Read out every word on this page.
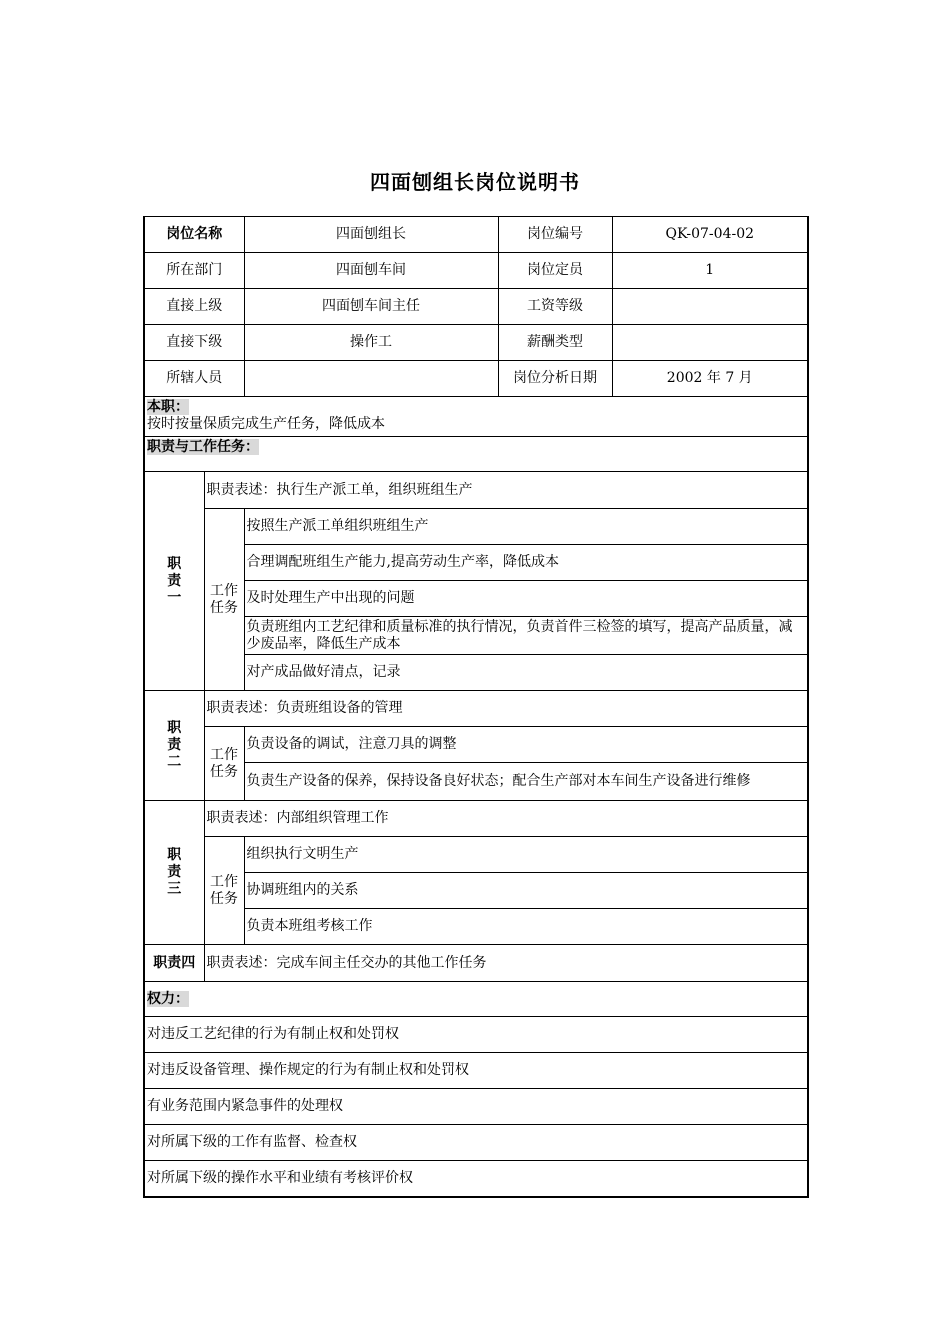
四面刨组长岗位说明书
岗位名称		四面刨组长	岗位编号	QK-07-04-02
所在部门		四面刨车间	岗位定员	1
直接上级		四面刨车间主任	工资等级	
直接下级		操作工	薪酬类型	
所辖人员			岗位分析日期	2002 年 7 月
本职：
按时按量保质完成生产任务，降低成本				
职责与工作任务：				
职责一	职责表述：执行生产派工单，组织班组生产			
	工作任务	按照生产派工单组织班组生产		
		合理调配班组生产能力,提高劳动生产率，降低成本		
		及时处理生产中出现的问题		
		负责班组内工艺纪律和质量标准的执行情况，负责首件三检签的填写，提高产品质量，减少废品率，降低生产成本		
		对产成品做好清点，记录		
职责二	职责表述：负责班组设备的管理			
	工作任务	负责设备的调试，注意刀具的调整		
		负责生产设备的保养，保持设备良好状态；配合生产部对本车间生产设备进行维修		
职责三	职责表述：内部组织管理工作			
	工作任务	组织执行文明生产		
		协调班组内的关系		
		负责本班组考核工作		
职责四	职责表述：完成车间主任交办的其他工作任务			
权力：				
对违反工艺纪律的行为有制止权和处罚权				
对违反设备管理、操作规定的行为有制止权和处罚权				
有业务范围内紧急事件的处理权				
对所属下级的工作有监督、检查权				
对所属下级的操作水平和业绩有考核评价权				
